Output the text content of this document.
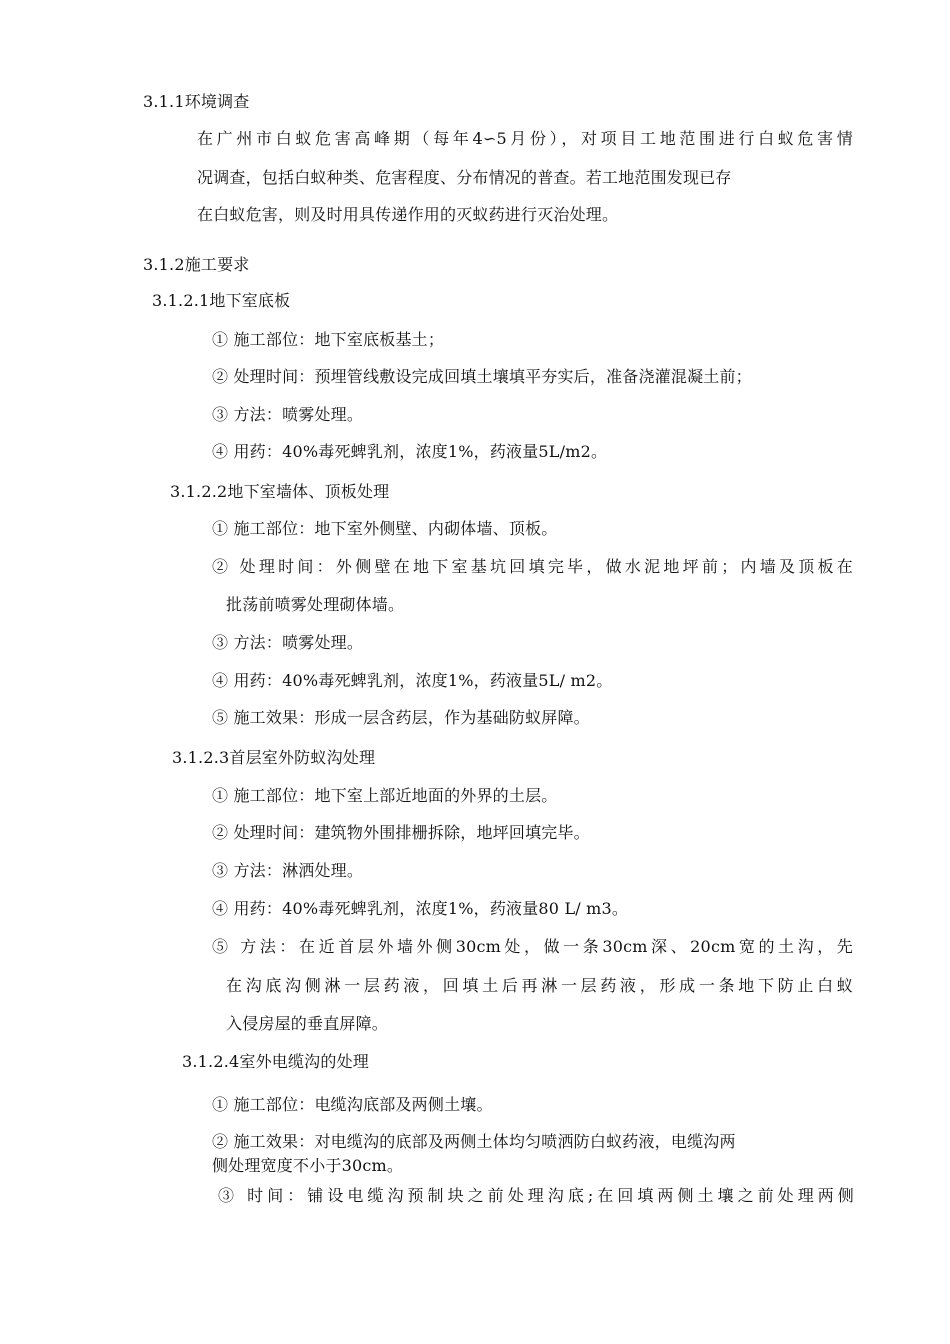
3.1.1环境调查
在广州市白蚁危害高峰期（每年4∽5月份），对项目工地范围进行白蚁危害情
况调查，包括白蚁种类、危害程度、分布情况的普查。若工地范围发现已存
在白蚁危害，则及时用具传递作用的灭蚁药进行灭治处理。
3.1.2施工要求
3.1.2.1地下室底板
① 施工部位：地下室底板基土；
② 处理时间：预埋管线敷设完成回填土壤填平夯实后，准备浇灌混凝土前；
③ 方法：喷雾处理。
④ 用药：40%毒死蜱乳剂，浓度1%，药液量5L/m2。
3.1.2.2地下室墙体、顶板处理
① 施工部位：地下室外侧壁、内砌体墙、顶板。
② 处理时间：外侧壁在地下室基坑回填完毕，做水泥地坪前；内墙及顶板在
批荡前喷雾处理砌体墙。
③ 方法：喷雾处理。
④ 用药：40%毒死蜱乳剂，浓度1%，药液量5L/ m2。
⑤ 施工效果：形成一层含药层，作为基础防蚁屏障。
3.1.2.3首层室外防蚁沟处理
① 施工部位：地下室上部近地面的外界的土层。
② 处理时间：建筑物外围排栅拆除，地坪回填完毕。
③ 方法：淋洒处理。
④ 用药：40%毒死蜱乳剂，浓度1%，药液量80 L/ m3。
⑤ 方法：在近首层外墙外侧30cm处，做一条30cm深、20cm宽的土沟，先
在沟底沟侧淋一层药液，回填土后再淋一层药液，形成一条地下防止白蚁
入侵房屋的垂直屏障。
3.1.2.4室外电缆沟的处理
① 施工部位：电缆沟底部及两侧土壤。
② 施工效果：对电缆沟的底部及两侧土体均匀喷洒防白蚁药液，电缆沟两
侧处理宽度不小于30cm。
③ 时间：铺设电缆沟预制块之前处理沟底;在回填两侧土壤之前处理两侧
